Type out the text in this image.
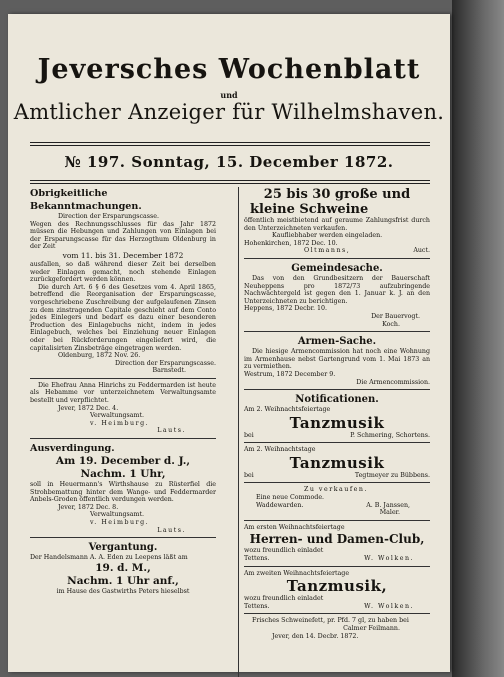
Jeversches Wochenblatt
und
Amtlicher Anzeiger für Wilhelmshaven.
№ 197. Sonntag, 15. December 1872.
Obrigkeitliche Bekanntmachungen.
Direction der Ersparungscasse.
Wegen des Rechnungsschlusses für das Jahr 1872 müssen die Hebungen und Zahlungen von Einlagen bei der Ersparungscasse für das Herzogthum Oldenburg in der Zeit
vom 11. bis 31. December 1872
ausfallen, so daß während dieser Zeit bei derselben weder Einlagen gemacht, noch stehende Einlagen zurückgefordert werden können.
Die durch Art. 6 § 6 des Gesetzes vom 4. April 1865, betreffend die Reorganisation der Ersparungscasse, vorgeschriebene Zuschreibung der aufgelaufenen Zinsen zu dem zinstragenden Capitale geschieht auf dem Conto jedes Einlegers und bedarf es dazu einer besonderen Production des Einlagebuchs nicht, indem in jedes Einlagebuch, welches bei Einziehung neuer Einlagen oder bei Rückforderungen eingeliefert wird, die capitalisirten Zinsbeträge eingetragen werden.
Oldenburg, 1872 Nov. 26.
Direction der Ersparungscasse.
Barnstedt.
Die Ehefrau Anna Hinrichs zu Feddermarden ist heute als Hebamme vor unterzeichnetem Verwaltungsamte bestellt und verpflichtet.
Jever, 1872 Dec. 4.
Verwaltungsamt.
v. Heimburg.
Lauts.
Ausverdingung.
Am 19. December d. J.,
Nachm. 1 Uhr,
soll in Heuermann's Wirthshause zu Rüsterfiel die Strohbemattung hinter dem Wange- und Feddermarder Anbels-Groden öffentlich verdungen werden.
Jever, 1872 Dec. 8.
Verwaltungsamt.
v. Heimburg.
Lauts.
Vergantung.
Der Handelsmann A. A. Eden zu Leepens läßt am
19. d. M.,
Nachm. 1 Uhr anf.,
im Hause des Gastwirths Peters hieselbst
25 bis 30 große und
kleine Schweine
öffentlich meistbietend auf geraume Zahlungsfrist durch den Unterzeichneten verkaufen.
Kaufliebhaber werden eingeladen.
Hohenkirchen, 1872 Dec. 10.
Oltmanns,	Auct.
Gemeindesache.
Das von den Grundbesitzern der Bauerschaft Neuheppens pro 1872/73 aufzubringende Nachwächtergeld ist gegen den 1. Januar k. J. an den Unterzeichneten zu berichtigen.
Heppens, 1872 Decbr. 10.
Der Bauervogt.
Koch.
Armen-Sache.
Die hiesige Armencommission hat noch eine Wohnung im Armenhause nebst Gartengrund vom 1. Mai 1873 an zu vermiethen.
Westrum, 1872 December 9.
Die Armencommission.
Notificationen.
Am 2. Weihnachtsfeiertage
Tanzmusik
bei	P. Schmering, Schortens.
Am 2. Weihnachtstage
Tanzmusik
bei	Tegtmeyer zu Bübbens.
Zu verkaufen.
Eine neue Commode.
Waddewarden.	A. B. Janssen,
Maler.
Am ersten Weihnachtsfeiertage
Herren- und Damen-Club,
wozu freundlich einladet
Tettens.	W. Wolken.
Am zweiten Weihnachtsfeiertage
Tanzmusik,
wozu freundlich einladet
Tettens.	W. Wolken.
Frisches Schweinefett, pr. Pfd. 7 gl, zu haben bei
Calmer Feilmann.
Jever, den 14. Decbr. 1872.
